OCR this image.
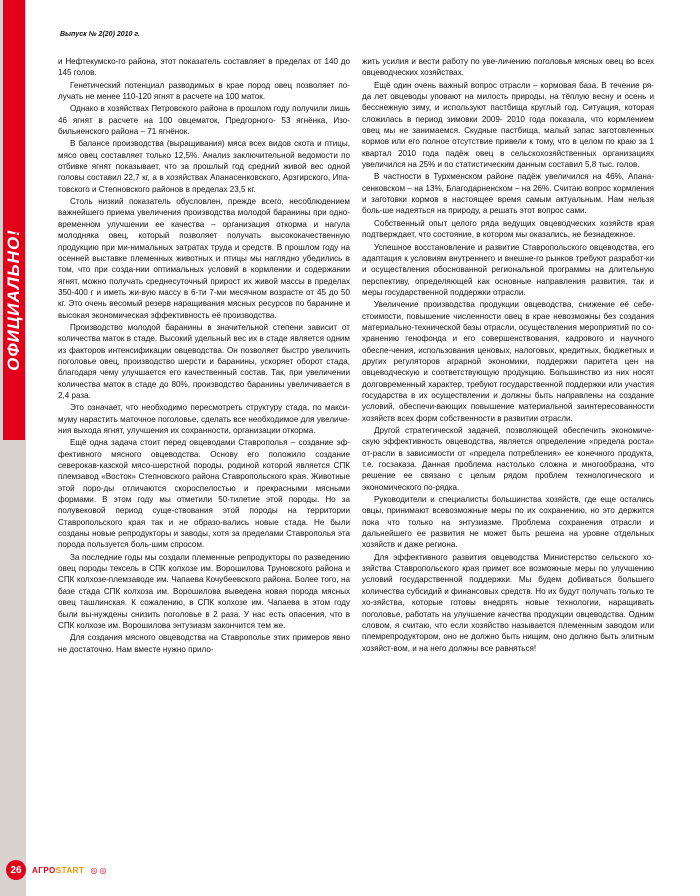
ОФИЦИАЛЬНО!
Выпуск № 2(20) 2010 г.

и Нефтекумско-го района, этот показатель составляет в пределах от 140 до 145 голов.

Генетический потенциал разводимых в крае пород овец позволяет по-лучать не менее 110-120 ягнят в расчете на 100 маток.

Однако в хозяйствах Петровского района в прошлом году получили лишь 46 ягнят в расчете на 100 овцематок, Предгорного- 53 ягнёнка, Изо-бильненского района – 71 ягнёнок.

В балансе производства (выращивания) мяса всех видов скота и птицы, мясо овец составляет только 12,5%. Анализ заключительной ведомости по отбивке ягнят показывает, что за прошлый год средний живой вес одной головы составил 22,7 кг, а в хозяйствах Апанасенковского, Арзгирского, Ипа-товского и Степновского районов в пределах 23,5 кг.

Столь низкий показатель обусловлен, прежде всего, несоблюдением важнейшего приема увеличения производства молодой баранины при одно-временном улучшении ее качества – организация откорма и нагула молодняка овец, который позволяет получать высококачественную продукцию при ми-нимальных затратах труда и средств. В прошлом году на осенней выставке племенных животных и птицы мы наглядно убедились в том, что при созда-нии оптимальных условий в кормлении и содержании ягнят, можно получать среднесуточный прирост их живой массы в пределах 350-400 г и иметь жи-вую массу в 6-ти 7-ми месячном возрасте от 45 до 50 кг. Это очень весомый резерв наращивания мясных ресурсов по баранине и высокая экономическая эффективность её производства.

Производство молодой баранины в значительной степени зависит от количества маток в стаде. Высокий удельный вес их в стаде является одним из факторов интенсификации овцеводства. Он позволяет быстро увеличить поголовье овец, производство шерсти и баранины, ускоряет оборот стада, благодаря чему улучшается его качественный состав. Так, при увеличении количества маток в стаде до 80%, производство баранины увеличивается в 2,4 раза.

Это означает, что необходимо пересмотреть структуру стада, по макси-муму нарастить маточное поголовье, сделать все необходимое для увеличе-ния выхода ягнят, улучшения их сохранности, организации откорма.

Ещё одна задача стоит перед овцеводами Ставрополья – создание эф-фективного мясного овцеводства. Основу его положило создание северокав-казской мясо-шерстной породы, родиной которой является СПК племзавод «Восток» Степновского района Ставропольского края. Животные этой поро-ды отличаются скороспелостью и прекрасными мясными формами. В этом году мы отметили 50-тилетие этой породы. Но за полувековой период суще-ствования этой породы на территории Ставропольского края так и не образо-вались новые стада. Не были созданы новые репродукторы и заводы, хотя за пределами Ставрополья эта порода пользуется боль-шим спросом.

За последние годы мы создали племенные репродукторы по разведению овец породы тексель в СПК колхозе им. Ворошилова Труновского района и СПК колхозе-племзаводе им. Чапаева Кочубеевского района. Более того, на базе стада СПК колхоза им. Ворошилова выведена новая порода мясных овец ташлинская. К сожалению, в СПК колхозе им. Чапаева в этом году были вы-нуждены снизить поголовье в 2 раза. У нас есть опасения, что в СПК колхозе им. Ворошилова энтузиазм закончится тем же.

Для создания мясного овцеводства на Ставрополье этих примеров явно не достаточно. Нам вместе нужно прило-

жить усилия и вести работу по уве-личению поголовья мясных овец во всех овцеводческих хозяйствах.

Ещё один очень важный вопрос отрасли – кормовая база. В течение ря-да лет овцеводы уповают на милость природы, на тёплую весну и осень и бесснежную зиму, и используют пастбища круглый год. Ситуация, которая сложилась в период зимовки 2009- 2010 года показала, что кормлением овец мы не занимаемся. Скудные пастбища, малый запас заготовленных кормов или его полное отсутствие привели к тому, что в целом по краю за 1 квартал 2010 года падёж овец в сельскохозяйственных организациях увеличился на 25% и по статистическим данным составил 5,8 тыс. голов.

В частности в Турхменском районе падёж увеличился на 46%, Апана-сенковском – на 13%, Благодарненском – на 26%. Считаю вопрос кормления и заготовки кормов в настоящее время самым актуальным. Нам нельзя боль-ше надеяться на природу, а решать этот вопрос сами.

Собственный опыт целого ряда ведущих овцеводческих хозяйств края подтверждает, что состояние, в котором мы оказались, не безнадежное.

Успешное восстановление и развитие Ставропольского овцеводства, его адаптация к условиям внутреннего и внешне-го рынков требуют разработ-ки и осуществления обоснованной региональной программы на длительную перспективу, определяющей как основные направления развития, так и меры государственной поддержки отрасли.

Увеличение производства продукции овцеводства, снижение её себе-стоимости, повышение численности овец в крае невозможны без создания материально-технической базы отрасли, осуществления мероприятий по со-хранению генофонда и его совершенствования, кадрового и научного обеспе-чения, использования ценовых, налоговых, кредитных, бюджетных и других регуляторов аграрной экономики, поддержки паритета цен на овцеводческую и соответствующую продукцию. Большинство из них носят долговременный характер, требуют государственной поддержки или участия государства в их осуществлении и должны быть направлены на создание условий, обеспечи-вающих повышение материальной заинтересованности хозяйств всех форм собственности в развитии отрасли.

Другой стратегической задачей, позволяющей обеспечить экономиче-скую эффективность овцеводства, является определение «предела роста» от-расли в зависимости от «предела потребления» ее конечного продукта, т.е. госзаказа. Данная проблема настолько сложна и многообразна, что решение ее связано с целым рядом проблем технологического и экономического по-рядка.

Руководители и специалисты большинства хозяйств, где еще остались овцы, принимают всевозможные меры по их сохранению, но это держится пока что только на энтузиазме. Проблема сохранения отрасли и дальнейшего ее развития не может быть решена на уровне отдельных хозяйств и даже региона.

Для эффективного развития овцеводства Министерство сельского хо-зяйства Ставропольского края примет все возможные меры по улучшению условий государственной поддержки. Мы будем добиваться большего количества субсидий и финансовых средств. Но их будут получать только те хо-зяйства, которые готовы внедрять новые технологии, наращивать поголовье, работать на улучшение качества продукции овцеводства. Одним словом, я считаю, что если хозяйство называется племенным заводом или племрепродуктором, оно не должно быть нищим, оно должно быть элитным хозяйст-вом, и на него должны все равняться!

26	АГРОSTART ◎ ◎
